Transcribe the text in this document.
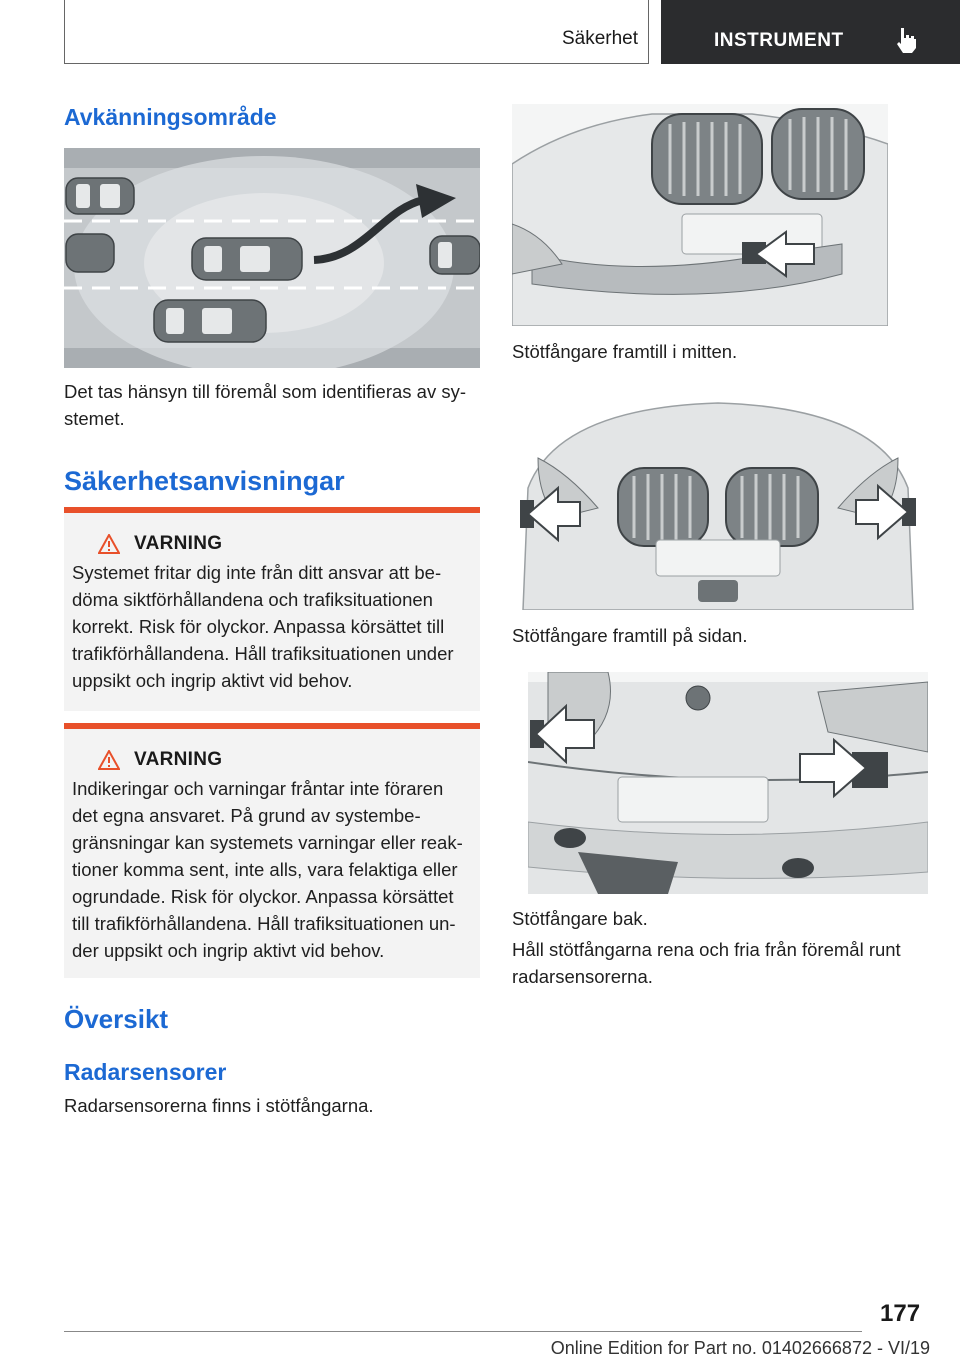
Säkerhet	INSTRUMENT
Avkänningsområde
Det tas hänsyn till föremål som identifieras av sy-stemet.
Säkerhetsanvisningar
VARNING
Systemet fritar dig inte från ditt ansvar att be-döma siktförhållandena och trafiksituationen korrekt. Risk för olyckor. Anpassa körsättet till trafikförhållandena. Håll trafiksituationen under uppsikt och ingrip aktivt vid behov.
VARNING
Indikeringar och varningar fråntar inte föraren det egna ansvaret. På grund av systembe-gränsningar kan systemets varningar eller reak-tioner komma sent, inte alls, vara felaktiga eller ogrundade. Risk för olyckor. Anpassa körsättet till trafikförhållandena. Håll trafiksituationen un-der uppsikt och ingrip aktivt vid behov.
Översikt
Radarsensorer
Radarsensorerna finns i stötfångarna.
Stötfångare framtill i mitten.
Stötfångare framtill på sidan.
Stötfångare bak.
Håll stötfångarna rena och fria från föremål runt radarsensorerna.
177
Online Edition for Part no. 01402666872 - VI/19
